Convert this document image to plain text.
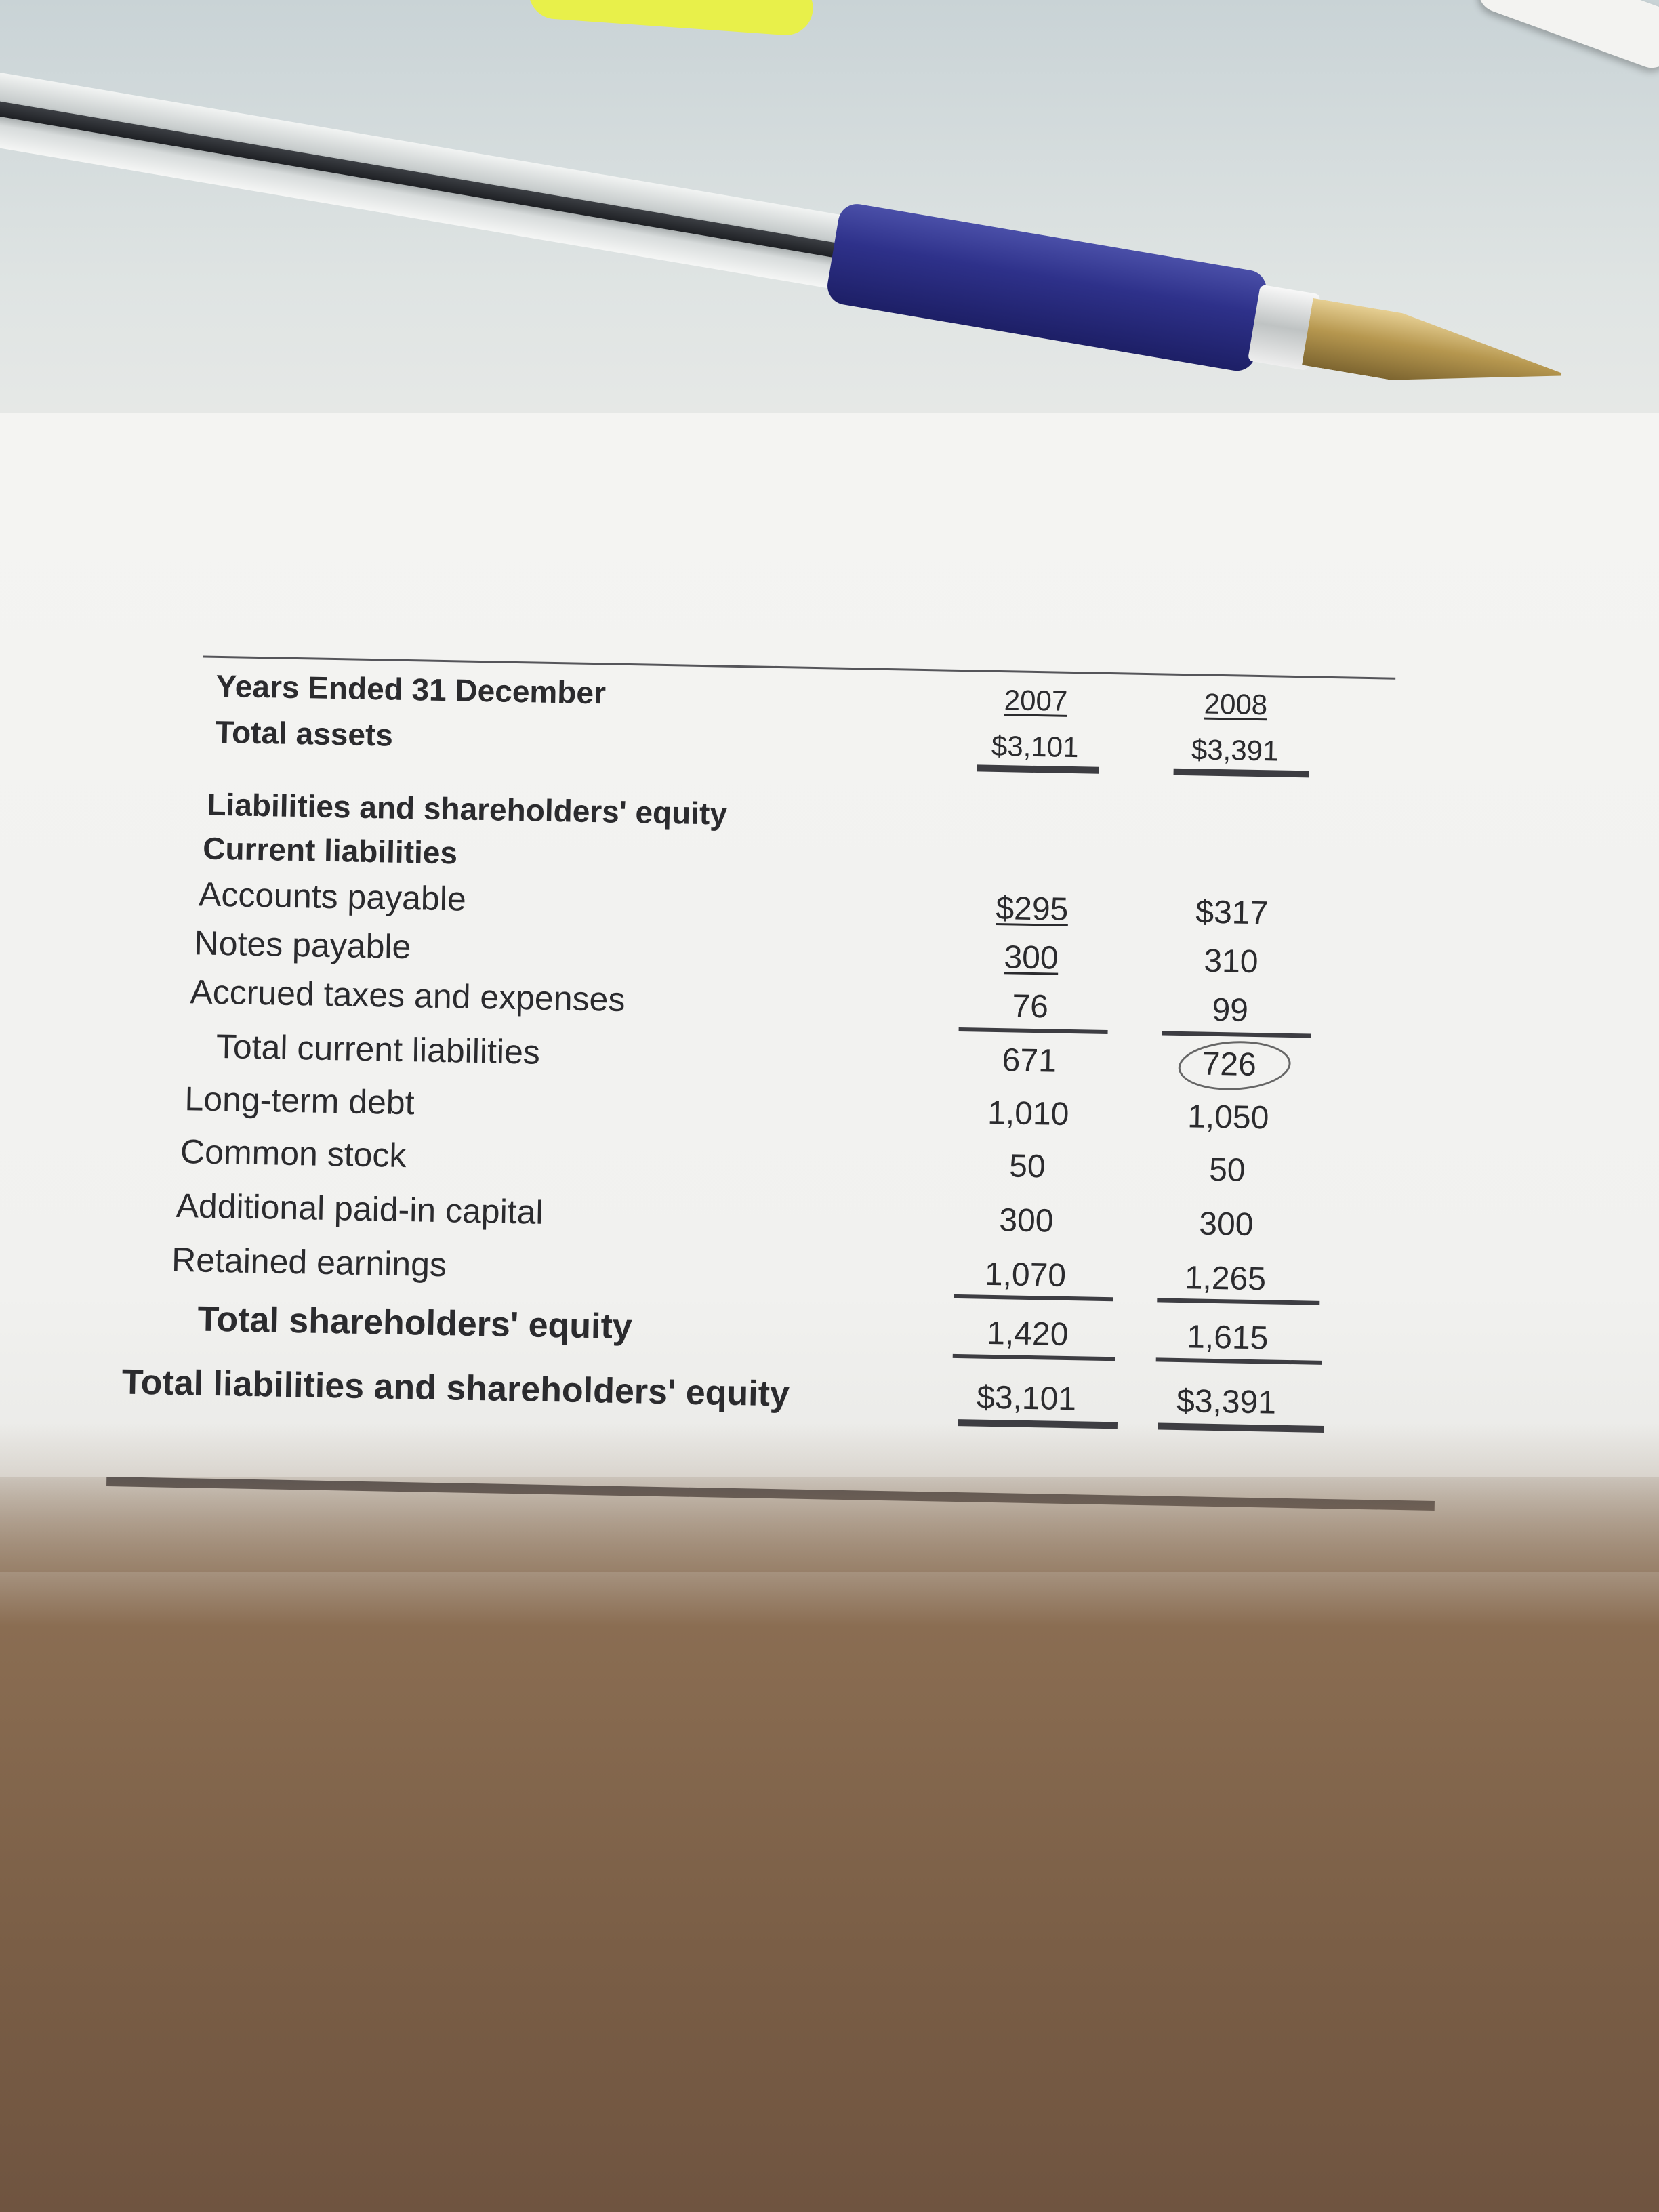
Years Ended 31 December	2007	2008
Total assets	$3,101	$3,391
Liabilities and shareholders' equity
Current liabilities
Accounts payable	$295	$317
Notes payable	300	310
Accrued taxes and expenses	76	99
Total current liabilities	671	726
Long-term debt	1,010	1,050
Common stock	50	50
Additional paid-in capital	300	300
Retained earnings	1,070	1,265
Total shareholders' equity	1,420	1,615
Total liabilities and shareholders' equity	$3,101	$3,391
